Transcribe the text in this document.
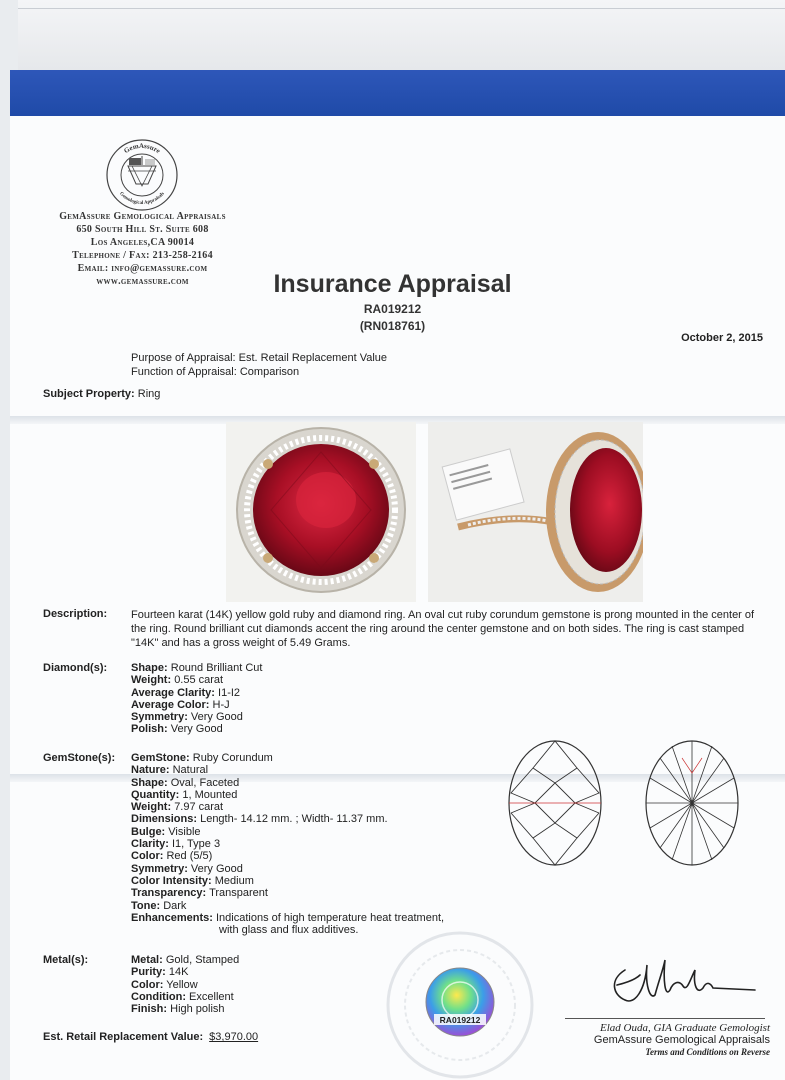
GemAssure
Gemological Appraisals
GemAssure Gemological Appraisals
650 South Hill St. Suite 608
Los Angeles,CA 90014
Telephone / Fax: 213-258-2164
Email: info@gemassure.com
www.gemassure.com	Insurance Appraisal
RA019212
(RN018761)
October 2, 2015
Purpose of Appraisal: Est. Retail Replacement Value
Function of Appraisal: Comparison
Subject Property: Ring
Description: Fourteen karat (14K) yellow gold ruby and diamond ring. An oval cut ruby corundum gemstone is prong mounted in the center of the ring. Round brilliant cut diamonds accent the ring around the center gemstone and on both sides. The ring is cast stamped "14K" and has a gross weight of 5.49 Grams.
Diamond(s): Shape: Round Brilliant Cut
Weight: 0.55 carat
Average Clarity: I1-I2
Average Color: H-J
Symmetry: Very Good
Polish: Very Good
GemStone(s): GemStone: Ruby Corundum
Nature: Natural
Shape: Oval, Faceted
Quantity: 1, Mounted
Weight: 7.97 carat
Dimensions: Length- 14.12 mm. ; Width- 11.37 mm.
Bulge: Visible
Clarity: I1, Type 3
Color: Red (5/5)
Symmetry: Very Good
Color Intensity: Medium
Transparency: Transparent
Tone: Dark
Enhancements: Indications of high temperature heat treatment,
with glass and flux additives.
Metal(s):	Metal: Gold, Stamped
Purity: 14K
Color: Yellow
Condition: Excellent
Finish: High polish
RA019212
Elad Ouda, GIA Graduate Gemologist
GemAssure Gemological Appraisals
Terms and Conditions on Reverse
Est. Retail Replacement Value: $3,970.00
